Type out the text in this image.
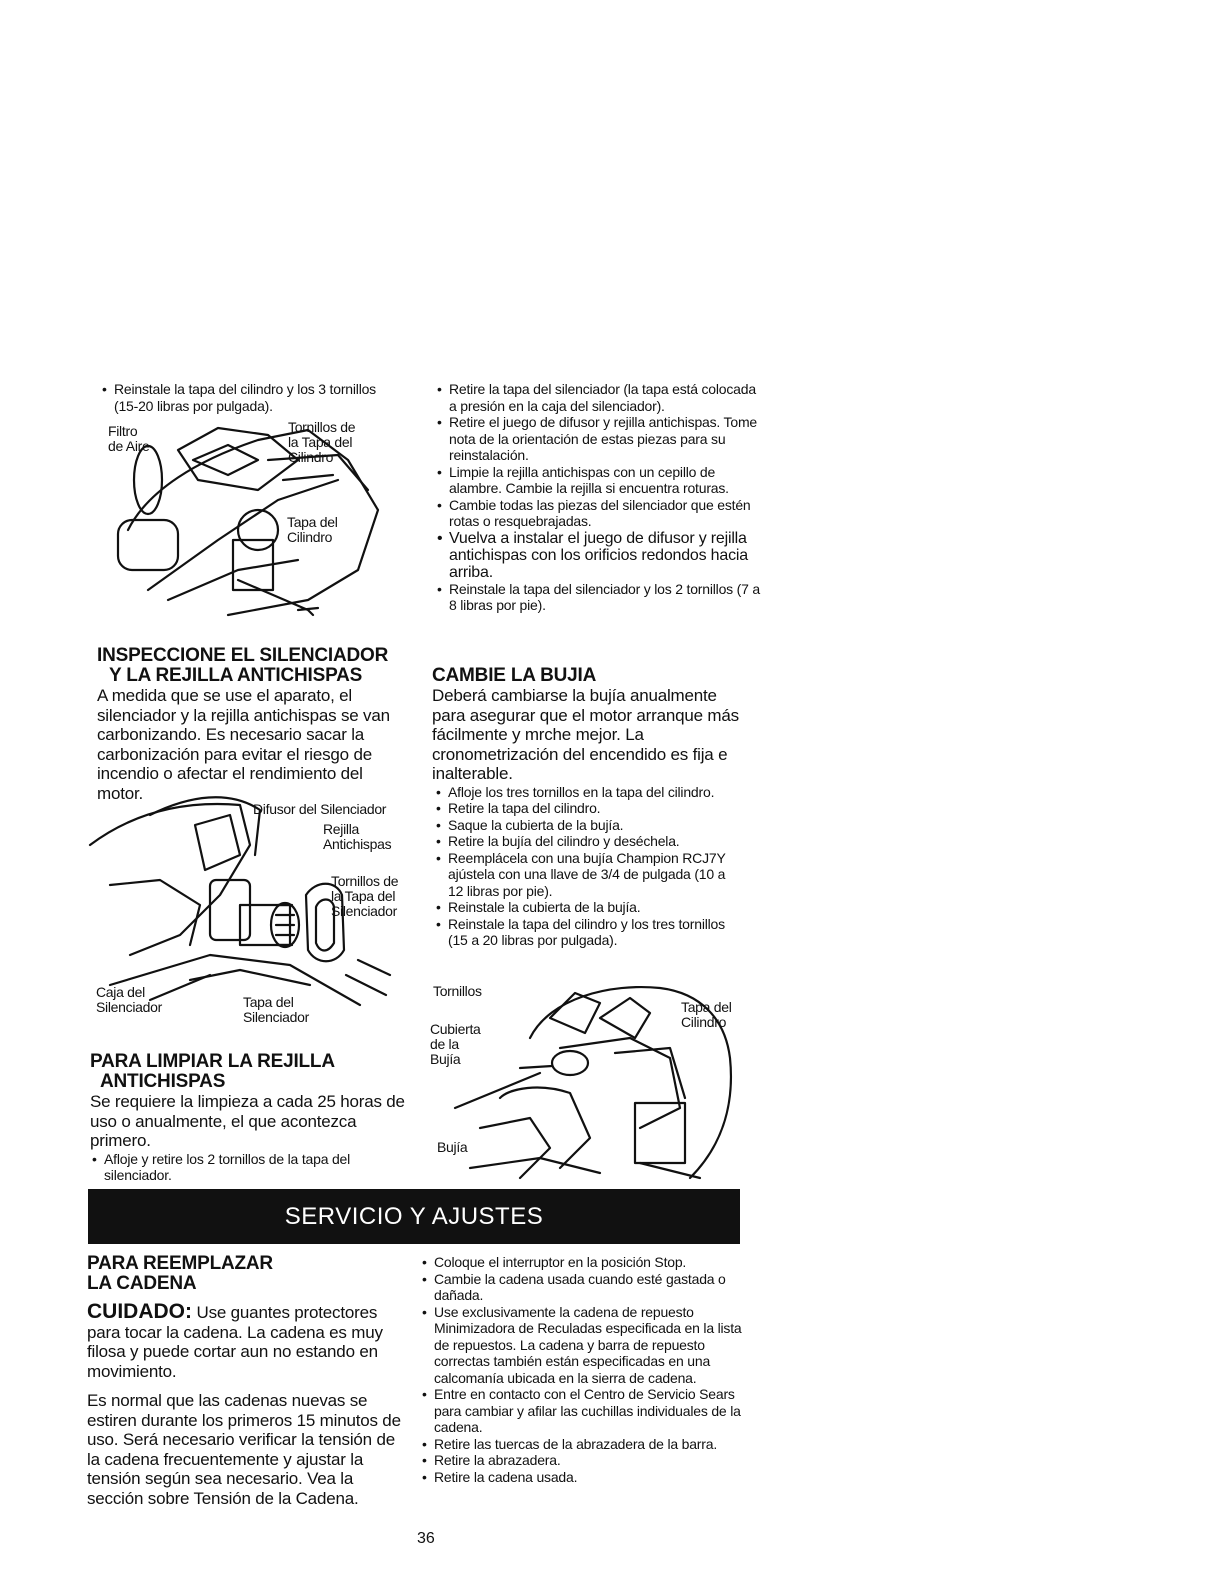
• Reinstale la tapa del cilindro y los 3 tornillos (15-20 libras por pulgada).
Filtro
de Aire
Tornillos de
la Tapa del
Cilindro
Tapa del
Cilindro
INSPECCIONE EL SILENCIADOR
Y LA REJILLA ANTICHISPAS

A medida que se use el aparato, el silenciador y la rejilla antichispas se van carbonizando. Es necesario sacar la carbonización para evitar el riesgo de incendio o afectar el rendimiento del motor.

Difusor del Silenciador
Rejilla
Antichispas
Tornillos de
la Tapa del
Silenciador
Caja del
Silenciador	Tapa del
Silenciador
PARA LIMPIAR LA REJILLA
ANTICHISPAS

Se requiere la limpieza a cada 25 horas de uso o anualmente, el que acontezca primero.

• Afloje y retire los 2 tornillos de la tapa del silenciador.
• Retire la tapa del silenciador (la tapa está colocada a presión en la caja del silenciador).
• Retire el juego de difusor y rejilla antichispas. Tome nota de la orientación de estas piezas para su reinstalación.
• Limpie la rejilla antichispas con un cepillo de alambre. Cambie la rejilla si encuentra roturas.
• Cambie todas las piezas del silenciador que estén rotas o resquebrajadas.
• Vuelva a instalar el juego de difusor y rejilla antichispas con los orificios redondos hacia arriba.
• Reinstale la tapa del silenciador y los 2 tornillos (7 a 8 libras por pie).
CAMBIE LA BUJIA

Deberá cambiarse la bujía anualmente para asegurar que el motor arranque más fácilmente y mrche mejor. La cronometrización del encendido es fija e inalterable.

• Afloje los tres tornillos en la tapa del cilindro.
• Retire la tapa del cilindro.
• Saque la cubierta de la bujía.
• Retire la bujía del cilindro y deséchela.
• Reemplácela con una bujía Champion RCJ7Y ajústela con una llave de 3/4 de pulgada (10 a 12 libras por pie).
• Reinstale la cubierta de la bujía.
• Reinstale la tapa del cilindro y los tres tornillos (15 a 20 libras por pulgada).
Tornillos
Tapa del
Cilindro
Cubierta
de la
Bujía
Bujía
SERVICIO Y AJUSTES
PARA REEMPLAZAR
LA CADENA

CUIDADO: Use guantes protectores para tocar la cadena. La cadena es muy filosa y puede cortar aun no estando en movimiento.

Es normal que las cadenas nuevas se estiren durante los primeros 15 minutos de uso. Será necesario verificar la tensión de la cadena frecuentemente y ajustar la tensión según sea necesario. Vea la sección sobre Tensión de la Cadena.

• Coloque el interruptor en la posición Stop.
• Cambie la cadena usada cuando esté gastada o dañada.
• Use exclusivamente la cadena de repuesto Minimizadora de Reculadas especificada en la lista de repuestos. La cadena y barra de repuesto correctas también están especificadas en una calcomanía ubicada en la sierra de cadena.
• Entre en contacto con el Centro de Servicio Sears para cambiar y afilar las cuchillas individuales de la cadena.
• Retire las tuercas de la abrazadera de la barra.
• Retire la abrazadera.
• Retire la cadena usada.
36
